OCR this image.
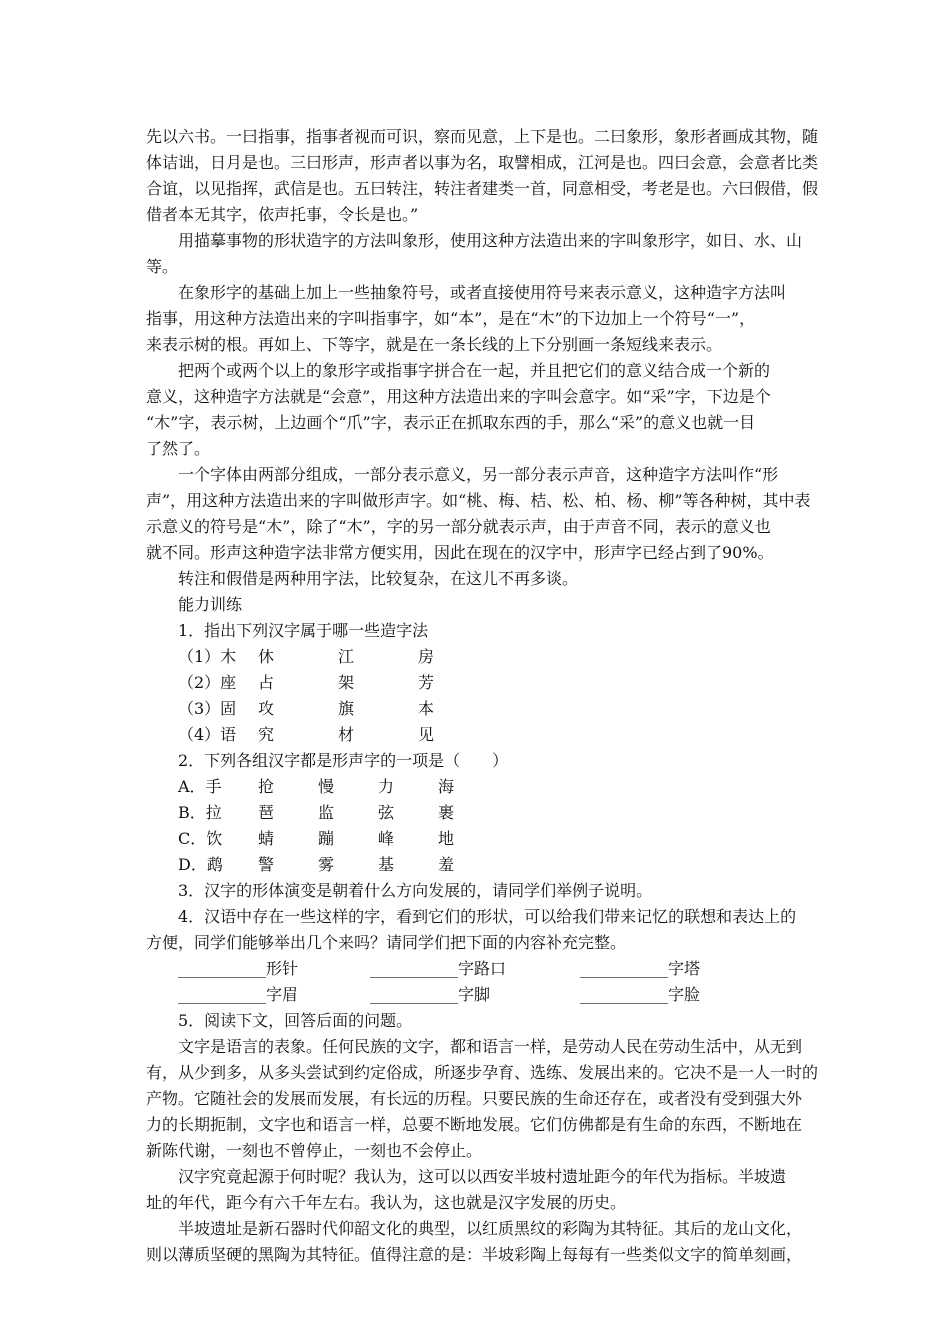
先以六书。一曰指事，指事者视而可识，察而见意，上下是也。二曰象形，象形者画成其物，随
体诘诎，日月是也。三曰形声，形声者以事为名，取譬相成，江河是也。四曰会意，会意者比类
合谊，以见指挥，武信是也。五曰转注，转注者建类一首，同意相受，考老是也。六曰假借，假
借者本无其字，依声托事，令长是也。”
用描摹事物的形状造字的方法叫象形，使用这种方法造出来的字叫象形字，如日、水、山
等。
在象形字的基础上加上一些抽象符号，或者直接使用符号来表示意义，这种造字方法叫
指事，用这种方法造出来的字叫指事字，如“本”，是在“木”的下边加上一个符号“一”，
来表示树的根。再如上、下等字，就是在一条长线的上下分别画一条短线来表示。
把两个或两个以上的象形字或指事字拼合在一起，并且把它们的意义结合成一个新的
意义，这种造字方法就是“会意”，用这种方法造出来的字叫会意字。如“采”字，下边是个
“木”字，表示树，上边画个“爪”字，表示正在抓取东西的手，那么“采”的意义也就一目
了然了。
一个字体由两部分组成，一部分表示意义，另一部分表示声音，这种造字方法叫作“形
声”，用这种方法造出来的字叫做形声字。如“桃、梅、桔、松、柏、杨、柳”等各种树，其中表
示意义的符号是“木”，除了“木”，字的另一部分就表示声，由于声音不同，表示的意义也
就不同。形声这种造字法非常方便实用，因此在现在的汉字中，形声字已经占到了90%。
转注和假借是两种用字法，比较复杂，在这儿不再多谈。
能力训练
1．指出下列汉字属于哪一些造字法
（1）木 休	江	房
（2）座 占	架	芳
（3）固 攻	旗	本
（4）语 究	材	见
2．下列各组汉字都是形声字的一项是（　　）
A．手 抢	慢	力	海
B．拉 琶	监	弦	裹
C．饮 蜻	蹦	峰	地
D．鹉 警	雾	基	羞
3．汉字的形体演变是朝着什么方向发展的，请同学们举例子说明。
4．汉语中存在一些这样的字，看到它们的形状，可以给我们带来记忆的联想和表达上的
方便，同学们能够举出几个来吗？请同学们把下面的内容补充完整。
___________形针	___________字路口	___________字塔
___________字眉	___________字脚	___________字脸
5．阅读下文，回答后面的问题。
文字是语言的表象。任何民族的文字，都和语言一样，是劳动人民在劳动生活中，从无到
有，从少到多，从多头尝试到约定俗成，所逐步孕育、选练、发展出来的。它决不是一人一时的
产物。它随社会的发展而发展，有长远的历程。只要民族的生命还存在，或者没有受到强大外
力的长期扼制，文字也和语言一样，总要不断地发展。它们仿佛都是有生命的东西，不断地在
新陈代谢，一刻也不曾停止，一刻也不会停止。
汉字究竟起源于何时呢？我认为，这可以以西安半坡村遗址距今的年代为指标。半坡遗
址的年代，距今有六千年左右。我认为，这也就是汉字发展的历史。
半坡遗址是新石器时代仰韶文化的典型，以红质黑纹的彩陶为其特征。其后的龙山文化，
则以薄质坚硬的黑陶为其特征。值得注意的是：半坡彩陶上每每有一些类似文字的简单刻画，
